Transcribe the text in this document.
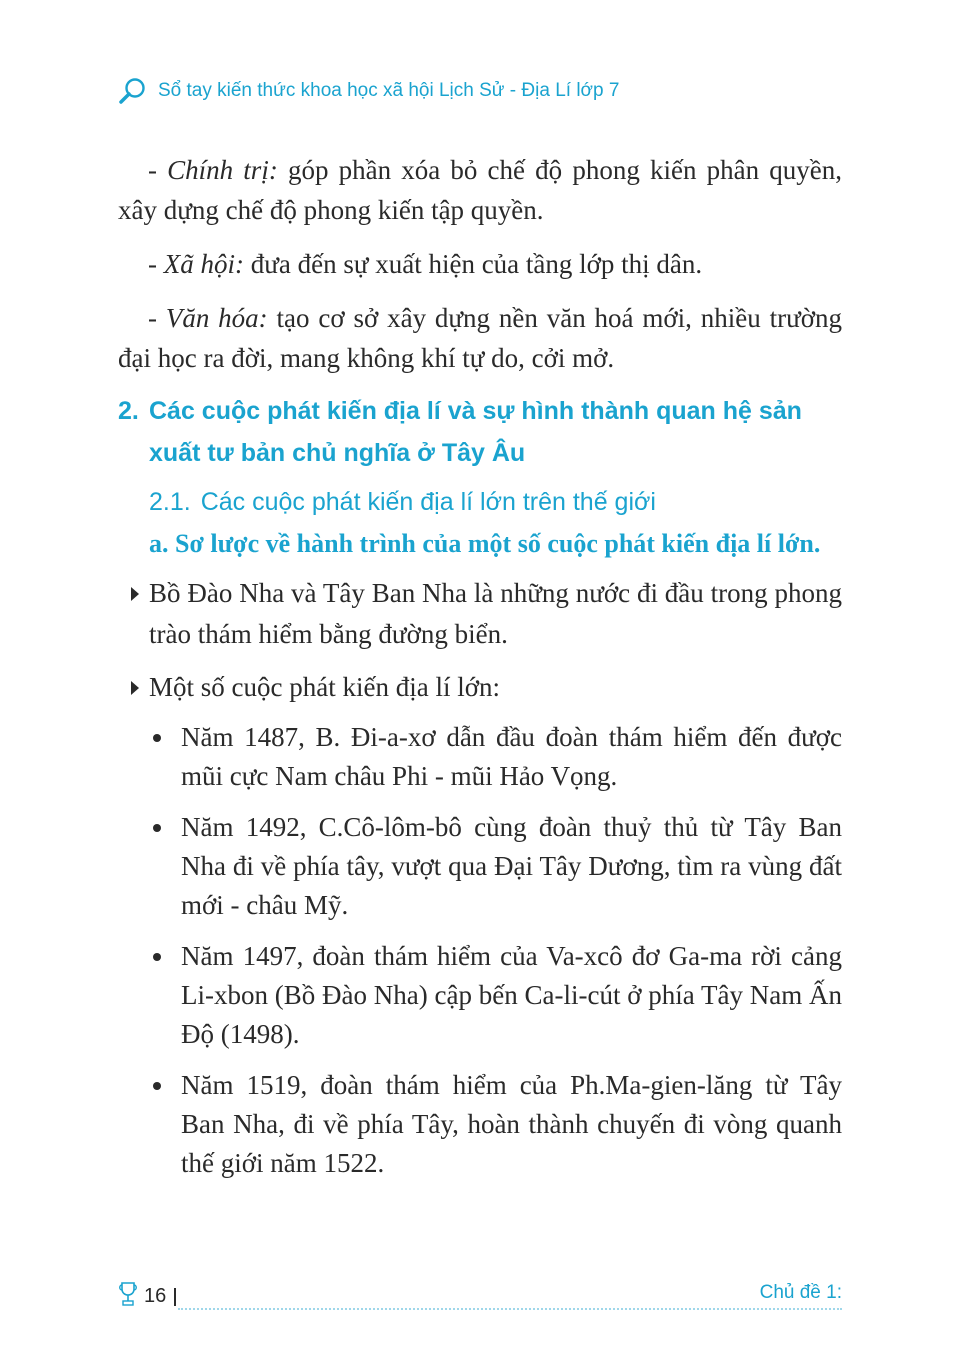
Sổ tay kiến thức khoa học xã hội Lịch Sử - Địa Lí lớp 7

- Chính trị: góp phần xóa bỏ chế độ phong kiến phân quyền, xây dựng chế độ phong kiến tập quyền.

- Xã hội: đưa đến sự xuất hiện của tầng lớp thị dân.

- Văn hóa: tạo cơ sở xây dựng nền văn hoá mới, nhiều trường đại học ra đời, mang không khí tự do, cởi mở.

2. Các cuộc phát kiến địa lí và sự hình thành quan hệ sản xuất tư bản chủ nghĩa ở Tây Âu
2.1. Các cuộc phát kiến địa lí lớn trên thế giới

a. Sơ lược về hành trình của một số cuộc phát kiến địa lí lớn.

Bồ Đào Nha và Tây Ban Nha là những nước đi đầu trong phong trào thám hiểm bằng đường biển.
Một số cuộc phát kiến địa lí lớn:
Năm 1487, B. Đi-a-xơ dẫn đầu đoàn thám hiểm đến được mũi cực Nam châu Phi - mũi Hảo Vọng.
Năm 1492, C.Cô-lôm-bô cùng đoàn thuỷ thủ từ Tây Ban Nha đi về phía tây, vượt qua Đại Tây Dương, tìm ra vùng đất mới - châu Mỹ.
Năm 1497, đoàn thám hiểm của Va-xcô đơ Ga-ma rời cảng Li-xbon (Bồ Đào Nha) cập bến Ca-li-cút ở phía Tây Nam Ấn Độ (1498).
Năm 1519, đoàn thám hiểm của Ph.Ma-gien-lăng từ Tây Ban Nha, đi về phía Tây, hoàn thành chuyến đi vòng quanh thế giới năm 1522.
16	Chủ đề 1:
